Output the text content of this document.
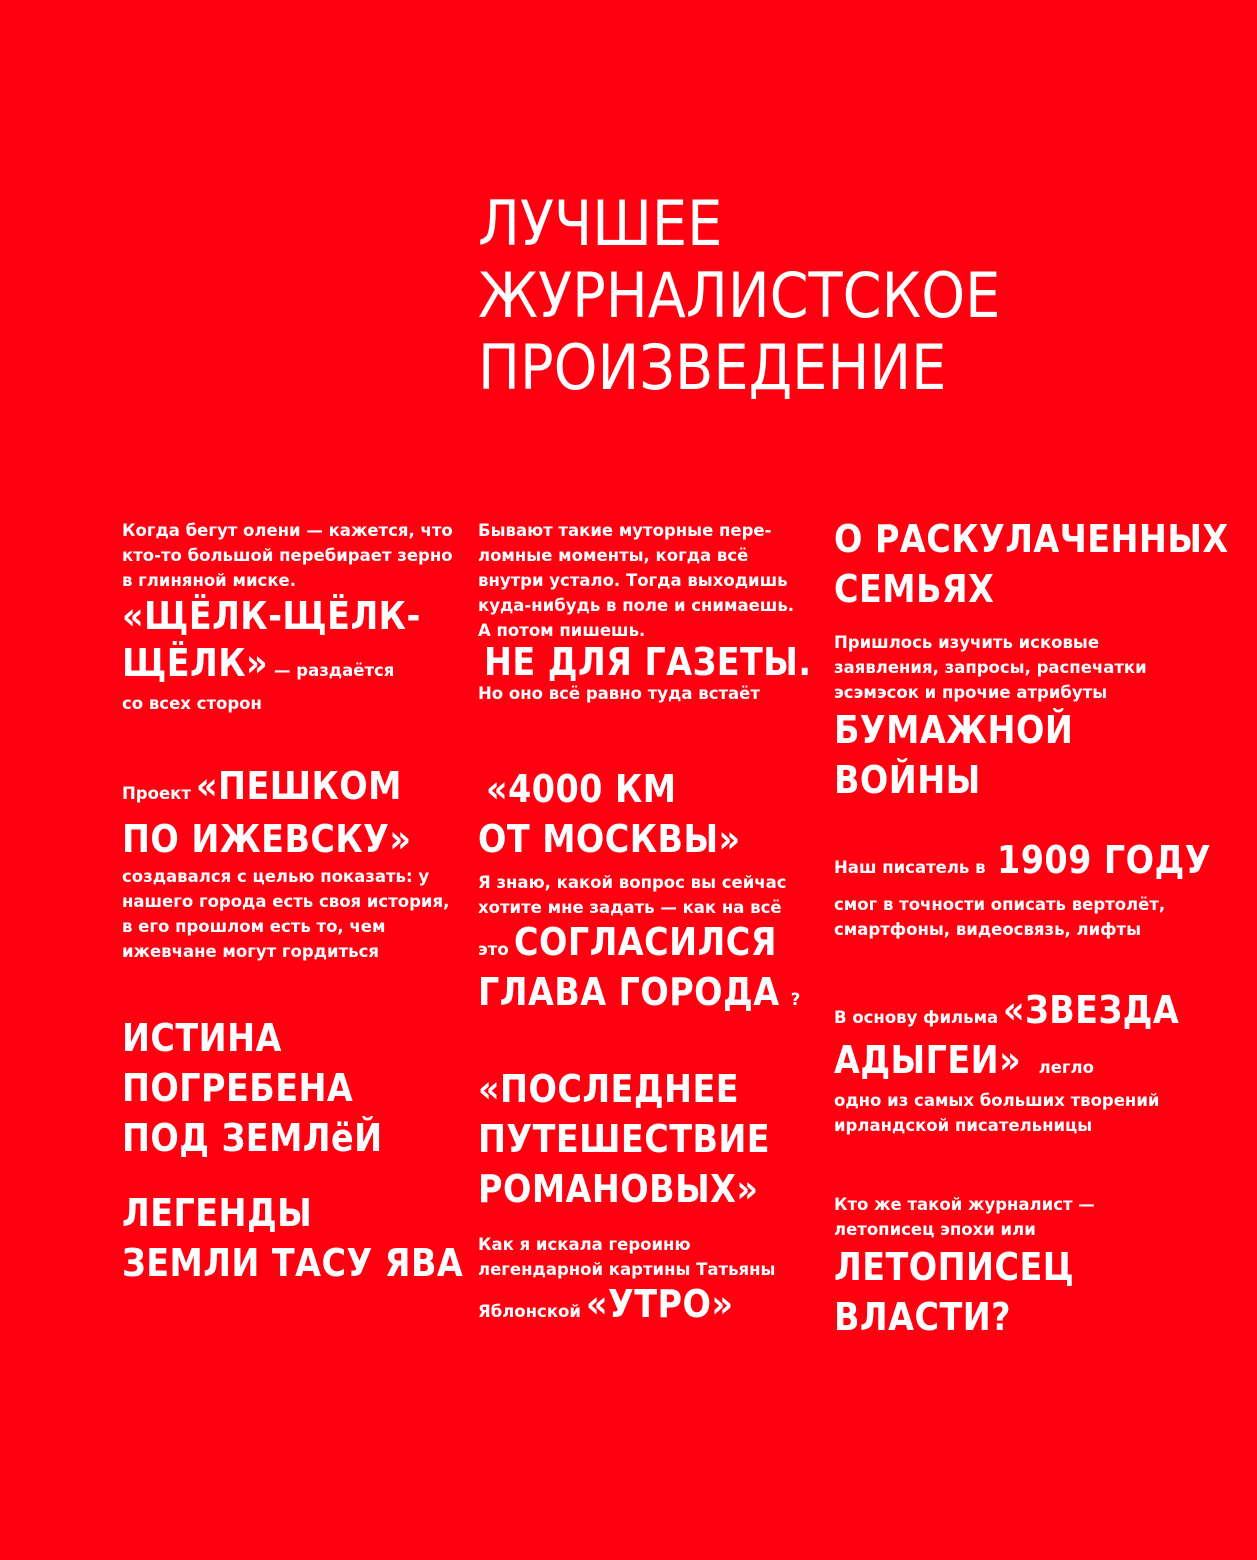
ЛУЧШЕЕ
ЖУРНАЛИСТСКОЕ
ПРОИЗВЕДЕНИЕ
Когда бегут олени — кажется, что
кто-то большой перебирает зерно
в глиняной миске.
«ЩЁЛК-ЩЁЛК-
ЩЁЛК» — раздаётся
со всех сторон
Проект «ПЕШКОМ
ПО ИЖЕВСКУ»
создавался с целью показать: у
нашего города есть своя история,
в его прошлом есть то, чем
ижевчане могут гордиться
ИСТИНА
ПОГРЕБЕНА
ПОД ЗЕМЛёЙ
ЛЕГЕНДЫ
ЗЕМЛИ ТАСУ ЯВА
Бывают такие муторные пере-
ломные моменты, когда всё
внутри устало. Тогда выходишь
куда-нибудь в поле и снимаешь.
А потом пишешь.
НЕ ДЛЯ ГАЗЕТЫ.
Но оно всё равно туда встаёт
«4000 КМ
ОТ МОСКВЫ»
Я знаю, какой вопрос вы сейчас
хотите мне задать — как на всё
это СОГЛАСИЛСЯ
ГЛАВА ГОРОДА ?
«ПОСЛЕДНЕЕ
ПУТЕШЕСТВИЕ
РОМАНОВЫХ»
Как я искала героиню
легендарной картины Татьяны
Яблонской «УТРО»
О РАСКУЛАЧЕННЫХ
СЕМЬЯХ
Пришлось изучить исковые
заявления, запросы, распечатки
эсэмэсок и прочие атрибуты
БУМАЖНОЙ
ВОЙНЫ
Наш писатель в 1909 ГОДУ
смог в точности описать вертолёт,
смартфоны, видеосвязь, лифты
В основу фильма «ЗВЕЗДА
АДЫГЕИ» легло
одно из самых больших творений
ирландской писательницы
Кто же такой журналист —
летописец эпохи или
ЛЕТОПИСЕЦ
ВЛАСТИ?
